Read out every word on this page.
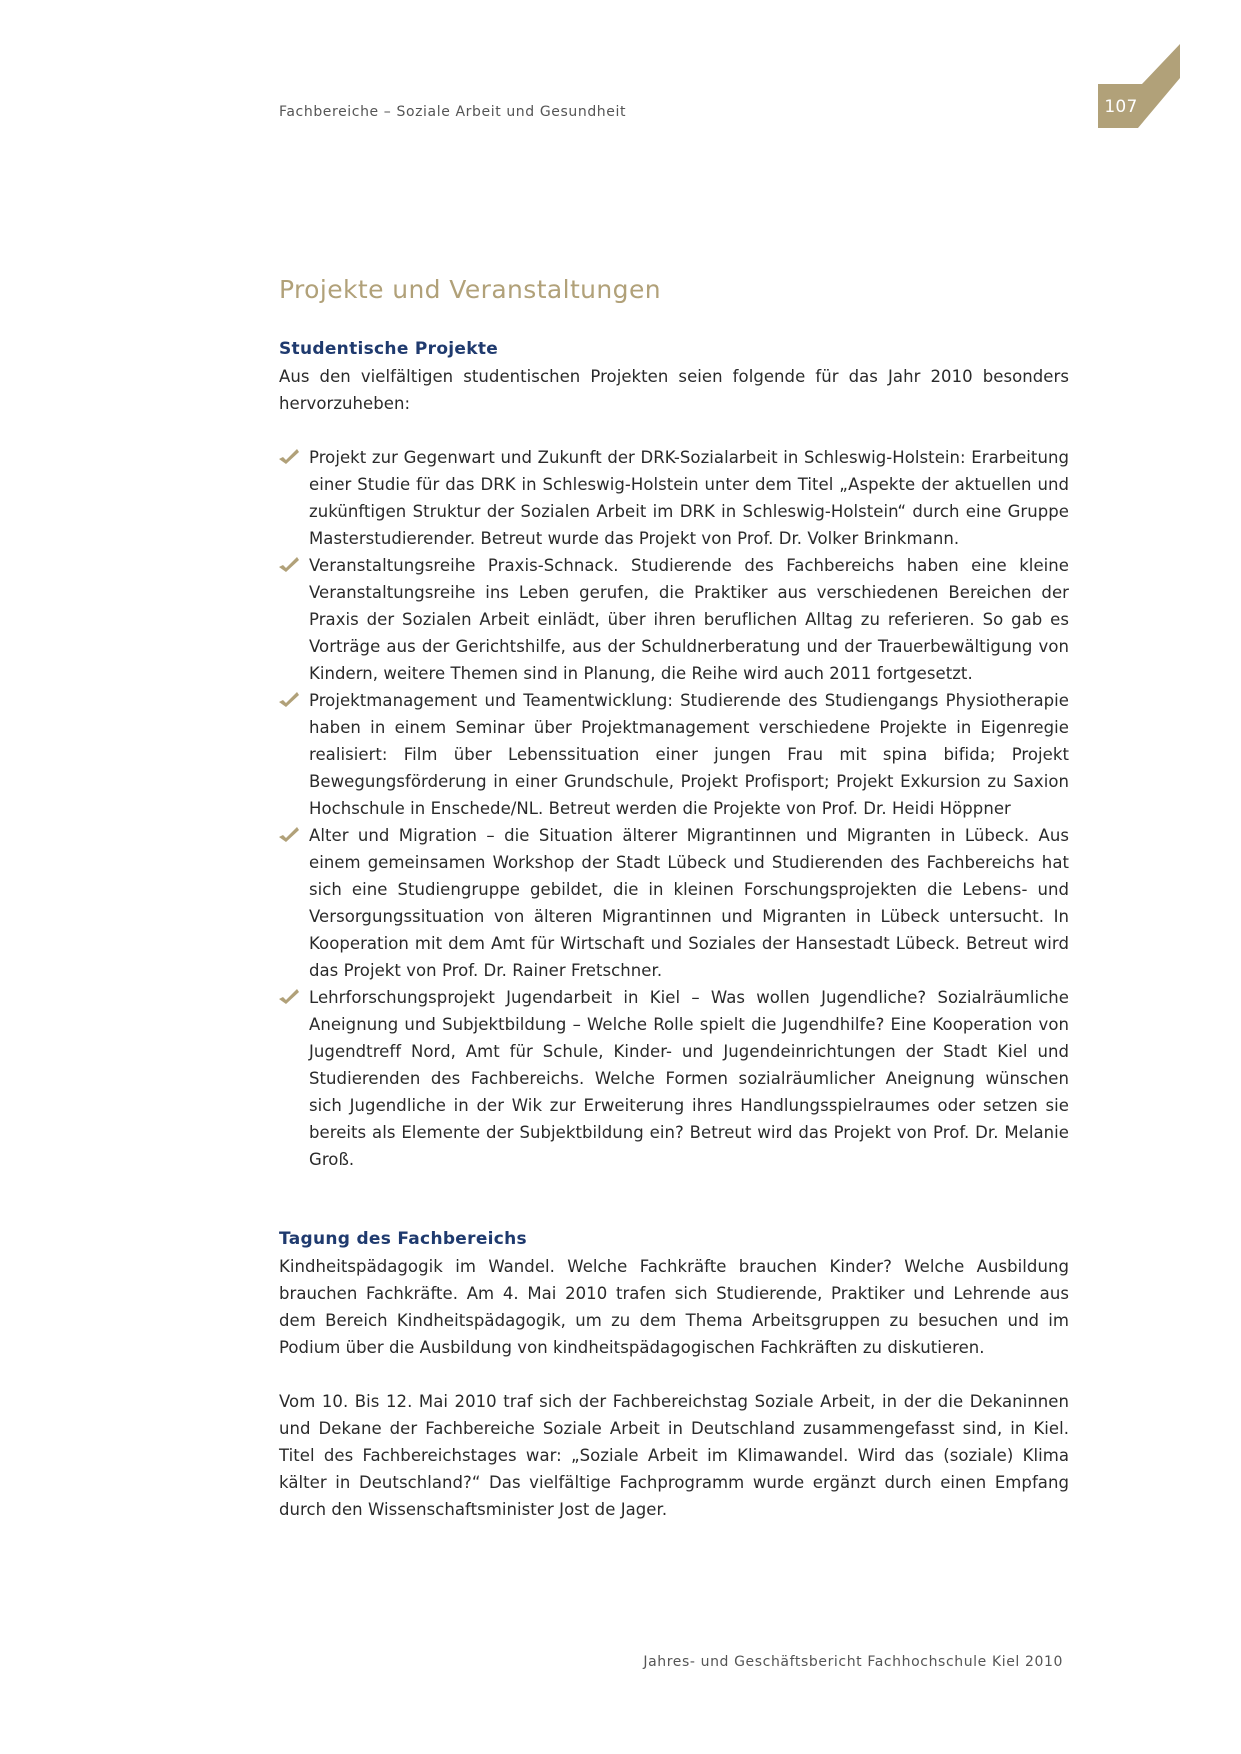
Fachbereiche – Soziale Arbeit und Gesundheit	107
Projekte und Veranstaltungen
Studentische Projekte

Aus den vielfältigen studentischen Projekten seien folgende für das Jahr 2010 besonders hervorzuheben:

Projekt zur Gegenwart und Zukunft der DRK-Sozialarbeit in Schleswig-Holstein: Erarbeitung einer Studie für das DRK in Schleswig-Holstein unter dem Titel „Aspekte der aktuellen und zukünftigen Struktur der Sozialen Arbeit im DRK in Schleswig-Holstein“ durch eine Gruppe Masterstudierender. Betreut wurde das Projekt von Prof. Dr. Volker Brinkmann.
Veranstaltungsreihe Praxis-Schnack. Studierende des Fachbereichs haben eine kleine Veranstaltungsreihe ins Leben gerufen, die Praktiker aus verschiedenen Bereichen der Praxis der Sozialen Arbeit einlädt, über ihren beruflichen Alltag zu referieren. So gab es Vorträge aus der Gerichtshilfe, aus der Schuldnerberatung und der Trauerbewältigung von Kindern, weitere Themen sind in Planung, die Reihe wird auch 2011 fortgesetzt.
Projektmanagement und Teamentwicklung: Studierende des Studiengangs Physiotherapie haben in einem Seminar über Projektmanagement verschiedene Projekte in Eigenregie realisiert: Film über Lebenssituation einer jungen Frau mit spina bifida; Projekt Bewegungsförderung in einer Grundschule, Projekt Profisport; Projekt Exkursion zu Saxion Hochschule in Enschede/NL. Betreut werden die Projekte von Prof. Dr. Heidi Höppner
Alter und Migration – die Situation älterer Migrantinnen und Migranten in Lübeck. Aus einem gemeinsamen Workshop der Stadt Lübeck und Studierenden des Fachbereichs hat sich eine Studiengruppe gebildet, die in kleinen Forschungsprojekten die Lebens- und Versorgungssituation von älteren Migrantinnen und Migranten in Lübeck untersucht. In Kooperation mit dem Amt für Wirtschaft und Soziales der Hansestadt Lübeck. Betreut wird das Projekt von Prof. Dr. Rainer Fretschner.
Lehrforschungsprojekt Jugendarbeit in Kiel – Was wollen Jugendliche? Sozialräumliche Aneignung und Subjektbildung – Welche Rolle spielt die Jugendhilfe? Eine Kooperation von Jugendtreff Nord, Amt für Schule, Kinder- und Jugendeinrichtungen der Stadt Kiel und Studierenden des Fachbereichs. Welche Formen sozialräumlicher Aneignung wünschen sich Jugendliche in der Wik zur Erweiterung ihres Handlungsspielraumes oder setzen sie bereits als Elemente der Subjektbildung ein? Betreut wird das Projekt von Prof. Dr. Melanie Groß.
Tagung des Fachbereichs

Kindheitspädagogik im Wandel. Welche Fachkräfte brauchen Kinder? Welche Ausbildung brauchen Fachkräfte. Am 4. Mai 2010 trafen sich Studierende, Praktiker und Lehrende aus dem Bereich Kindheitspädagogik, um zu dem Thema Arbeitsgruppen zu besuchen und im Podium über die Ausbildung von kindheitspädagogischen Fachkräften zu diskutieren.

Vom 10. Bis 12. Mai 2010 traf sich der Fachbereichstag Soziale Arbeit, in der die Dekaninnen und Dekane der Fachbereiche Soziale Arbeit in Deutschland zusammengefasst sind, in Kiel. Titel des Fachbereichstages war: „Soziale Arbeit im Klimawandel. Wird das (soziale) Klima kälter in Deutschland?“ Das vielfältige Fachprogramm wurde ergänzt durch einen Empfang durch den Wissenschaftsminister Jost de Jager.

Jahres- und Geschäftsbericht Fachhochschule Kiel 2010
